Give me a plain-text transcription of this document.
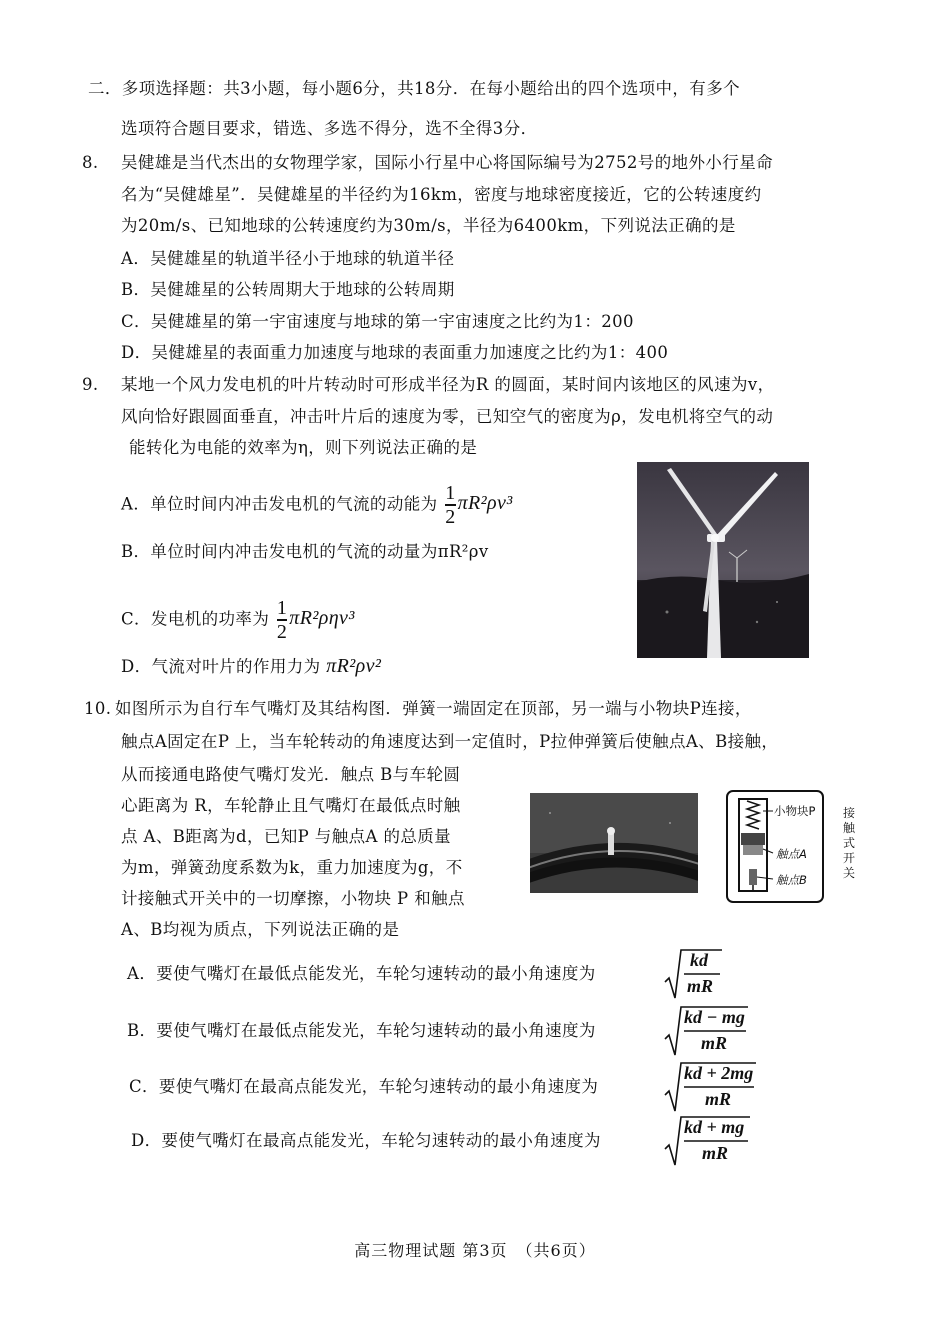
二．多项选择题：共3小题，每小题6分，共18分．在每小题给出的四个选项中，有多个
选项符合题目要求，错选、多选不得分，选不全得3分．
8. 吴健雄是当代杰出的女物理学家，国际小行星中心将国际编号为2752号的地外小行星命
名为“吴健雄星”．吴健雄星的半径约为16km，密度与地球密度接近，它的公转速度约
为20m/s、已知地球的公转速度约为30m/s，半径为6400km，下列说法正确的是
A．吴健雄星的轨道半径小于地球的轨道半径
B．吴健雄星的公转周期大于地球的公转周期
C．吴健雄星的第一宇宙速度与地球的第一宇宙速度之比约为1：200
D．吴健雄星的表面重力加速度与地球的表面重力加速度之比约为1：400
9. 某地一个风力发电机的叶片转动时可形成半径为R 的圆面，某时间内该地区的风速为v，
风向恰好跟圆面垂直，冲击叶片后的速度为零，已知空气的密度为ρ，发电机将空气的动
能转化为电能的效率为η，则下列说法正确的是
A．单位时间内冲击发电机的气流的动能为 $\frac{1}{2} \pi R^2\rho v^3$
B．单位时间内冲击发电机的气流的动量为πR²ρv
C．发电机的功率为 $\frac{1}{2} \pi R^2\rho\eta v^3$
D．气流对叶片的作用力为 πR²ρv²
10. 如图所示为自行车气嘴灯及其结构图．弹簧一端固定在顶部，另一端与小物块P连接，
触点A固定在P 上，当车轮转动的角速度达到一定值时，P拉伸弹簧后使触点A、B接触，
从而接通电路使气嘴灯发光．触点 B与车轮圆
心距离为 R，车轮静止且气嘴灯在最低点时触
点 A、B距离为d，已知P 与触点A 的总质量
为m，弹簧劲度系数为k，重力加速度为g，不
计接触式开关中的一切摩擦，小物块 P 和触点
A、B均视为质点，下列说法正确的是
小物块P
触点A
触点B
接触式开关
A．要使气嘴灯在最低点能发光，车轮匀速转动的最小角速度为
kd
mR
B．要使气嘴灯在最低点能发光，车轮匀速转动的最小角速度为
kd − mg
mR
C．要使气嘴灯在最高点能发光，车轮匀速转动的最小角速度为
kd + 2mg
mR
D．要使气嘴灯在最高点能发光，车轮匀速转动的最小角速度为
kd + mg
mR
高三物理试题 第3页　（共6页）
